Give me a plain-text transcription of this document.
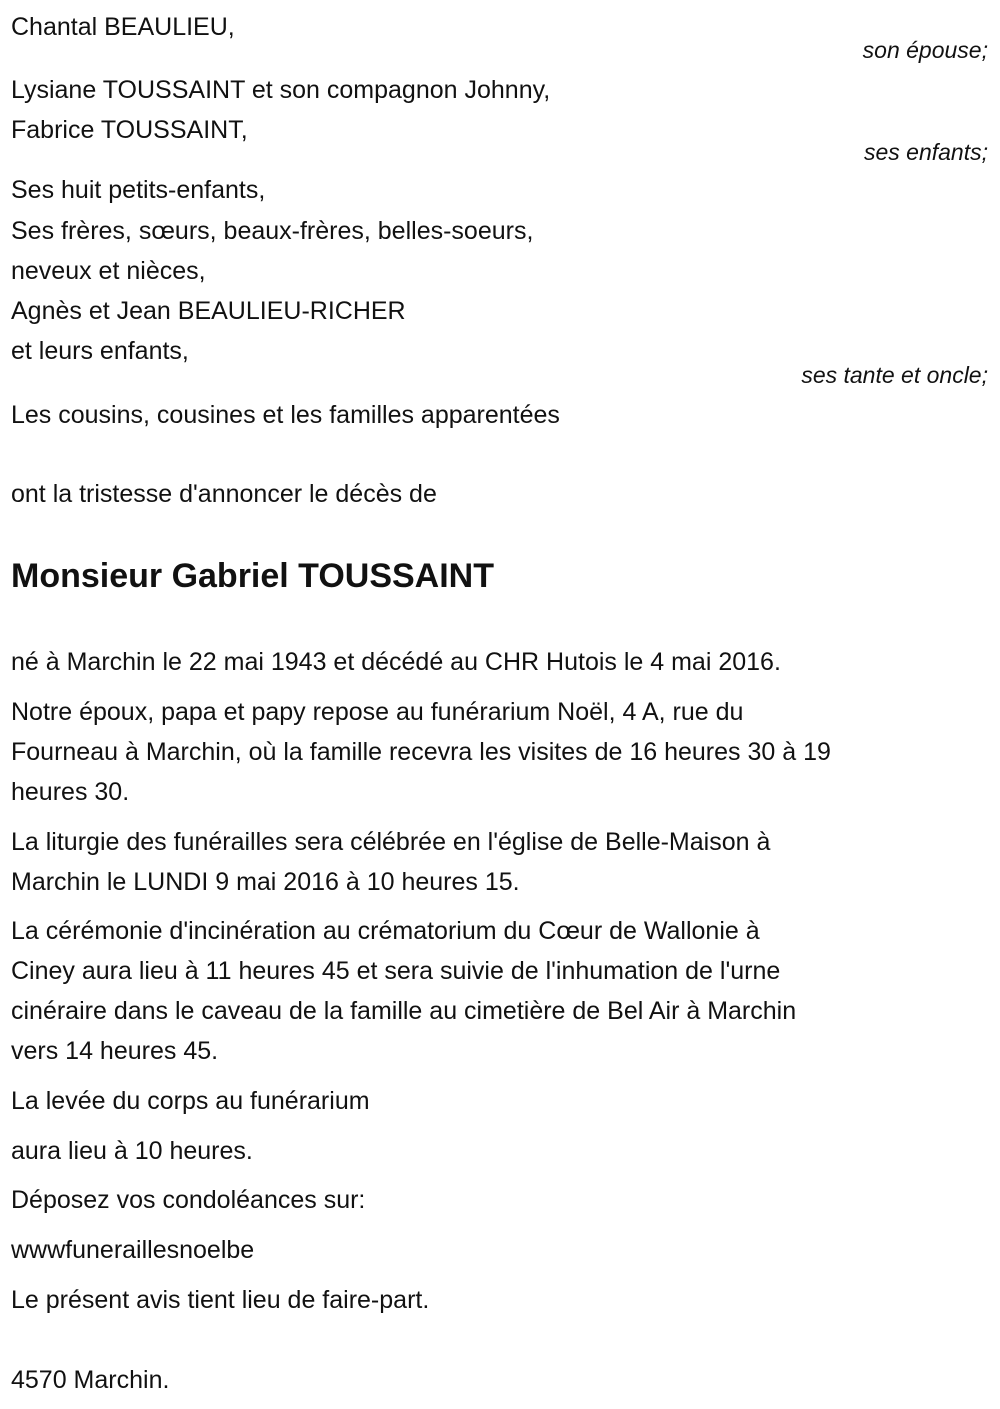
Chantal BEAULIEU,
son épouse;
Lysiane TOUSSAINT et son compagnon Johnny,
Fabrice TOUSSAINT,
ses enfants;
Ses huit petits-enfants,
Ses frères, sœurs, beaux-frères, belles-soeurs,
neveux et nièces,
Agnès et Jean BEAULIEU-RICHER
et leurs enfants,
ses tante et oncle;
Les cousins, cousines et les familles apparentées
ont la tristesse d'annoncer le décès de
Monsieur Gabriel TOUSSAINT
né à Marchin le 22 mai 1943 et décédé au CHR Hutois le 4 mai 2016.
Notre époux, papa et papy repose au funérarium Noël, 4 A, rue du
Fourneau à Marchin, où la famille recevra les visites de 16 heures 30 à 19
heures 30.
La liturgie des funérailles sera célébrée en l'église de Belle-Maison à
Marchin le LUNDI 9 mai 2016 à 10 heures 15.
La cérémonie d'incinération au crématorium du Cœur de Wallonie à
Ciney aura lieu à 11 heures 45 et sera suivie de l'inhumation de l'urne
cinéraire dans le caveau de la famille au cimetière de Bel Air à Marchin
vers 14 heures 45.
La levée du corps au funérarium
aura lieu à 10 heures.
Déposez vos condoléances sur:
wwwfuneraillesnoelbe
Le présent avis tient lieu de faire-part.
4570 Marchin.
